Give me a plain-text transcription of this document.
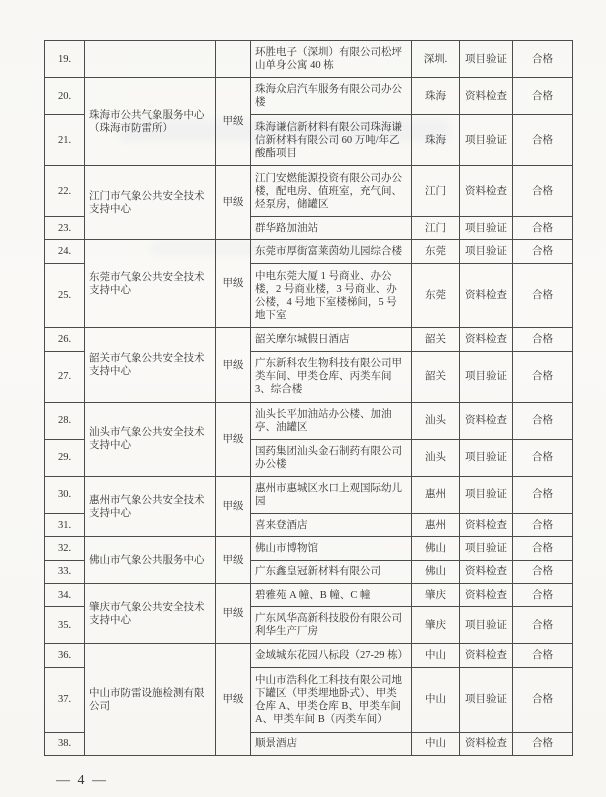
19.			环胜电子（深圳）有限公司松坪山单身公寓 40 栋	深圳.	项目验证	合格
20.	珠海市公共气象服务中心（珠海市防雷所）	甲级	珠海众启汽车服务有限公司办公楼	珠海	资料检查	合格
21.			珠海谦信新材料有限公司珠海谦信新材料有限公司 60 万吨/年乙酸酯项目	珠海	项目验证	合格
22.	江门市气象公共安全技术支持中心	甲级	江门安燃能源投资有限公司办公楼，配电房、值班室，充气间、烃泵房，储罐区	江门	资料检查	合格
23.			群华路加油站	江门	项目验证	合格
24.	东莞市气象公共安全技术支持中心	甲级	东莞市厚街富莱茵幼儿园综合楼	东莞	项目验证	合格
25.			中电东莞大厦 1 号商业、办公楼，2 号商业楼，3 号商业、办公楼，4 号地下室楼梯间，5 号地下室	东莞	资料检查	合格
26.	韶关市气象公共安全技术支持中心	甲级	韶关摩尔城假日酒店	韶关	资料检查	合格
27.			广东新科农生物科技有限公司甲类车间、甲类仓库、丙类车间 3、综合楼	韶关	项目验证	合格
28.	汕头市气象公共安全技术支持中心	甲级	汕头长平加油站办公楼、加油亭、油罐区	汕头	资料检查	合格
29.			国药集团汕头金石制药有限公司办公楼	汕头	项目验证	合格
30.	惠州市气象公共安全技术支持中心	甲级	惠州市惠城区水口上观国际幼儿园	惠州	项目验证	合格
31.			喜来登酒店	惠州	资料检查	合格
32.	佛山市气象公共服务中心	甲级	佛山市博物馆	佛山	项目验证	合格
33.			广东鑫皇冠新材料有限公司	佛山	资料检查	合格
34.	肇庆市气象公共安全技术支持中心	甲级	碧雅苑 A 幢、B 幢、C 幢	肇庆	资料检查	合格
35.			广东风华高新科技股份有限公司利华生产厂房	肇庆	项目验证	合格
36.	中山市防雷设施检测有限公司	甲级	金域城东花园八标段（27-29 栋）	中山	资料检查	合格
37.			中山市浩科化工科技有限公司地下罐区（甲类埋地卧式）、甲类仓库 A、甲类仓库 B、甲类车间 A、甲类车间 B（丙类车间）	中山	项目验证	合格
38.			顺景酒店	中山	资料检查	合格
— 4 —
